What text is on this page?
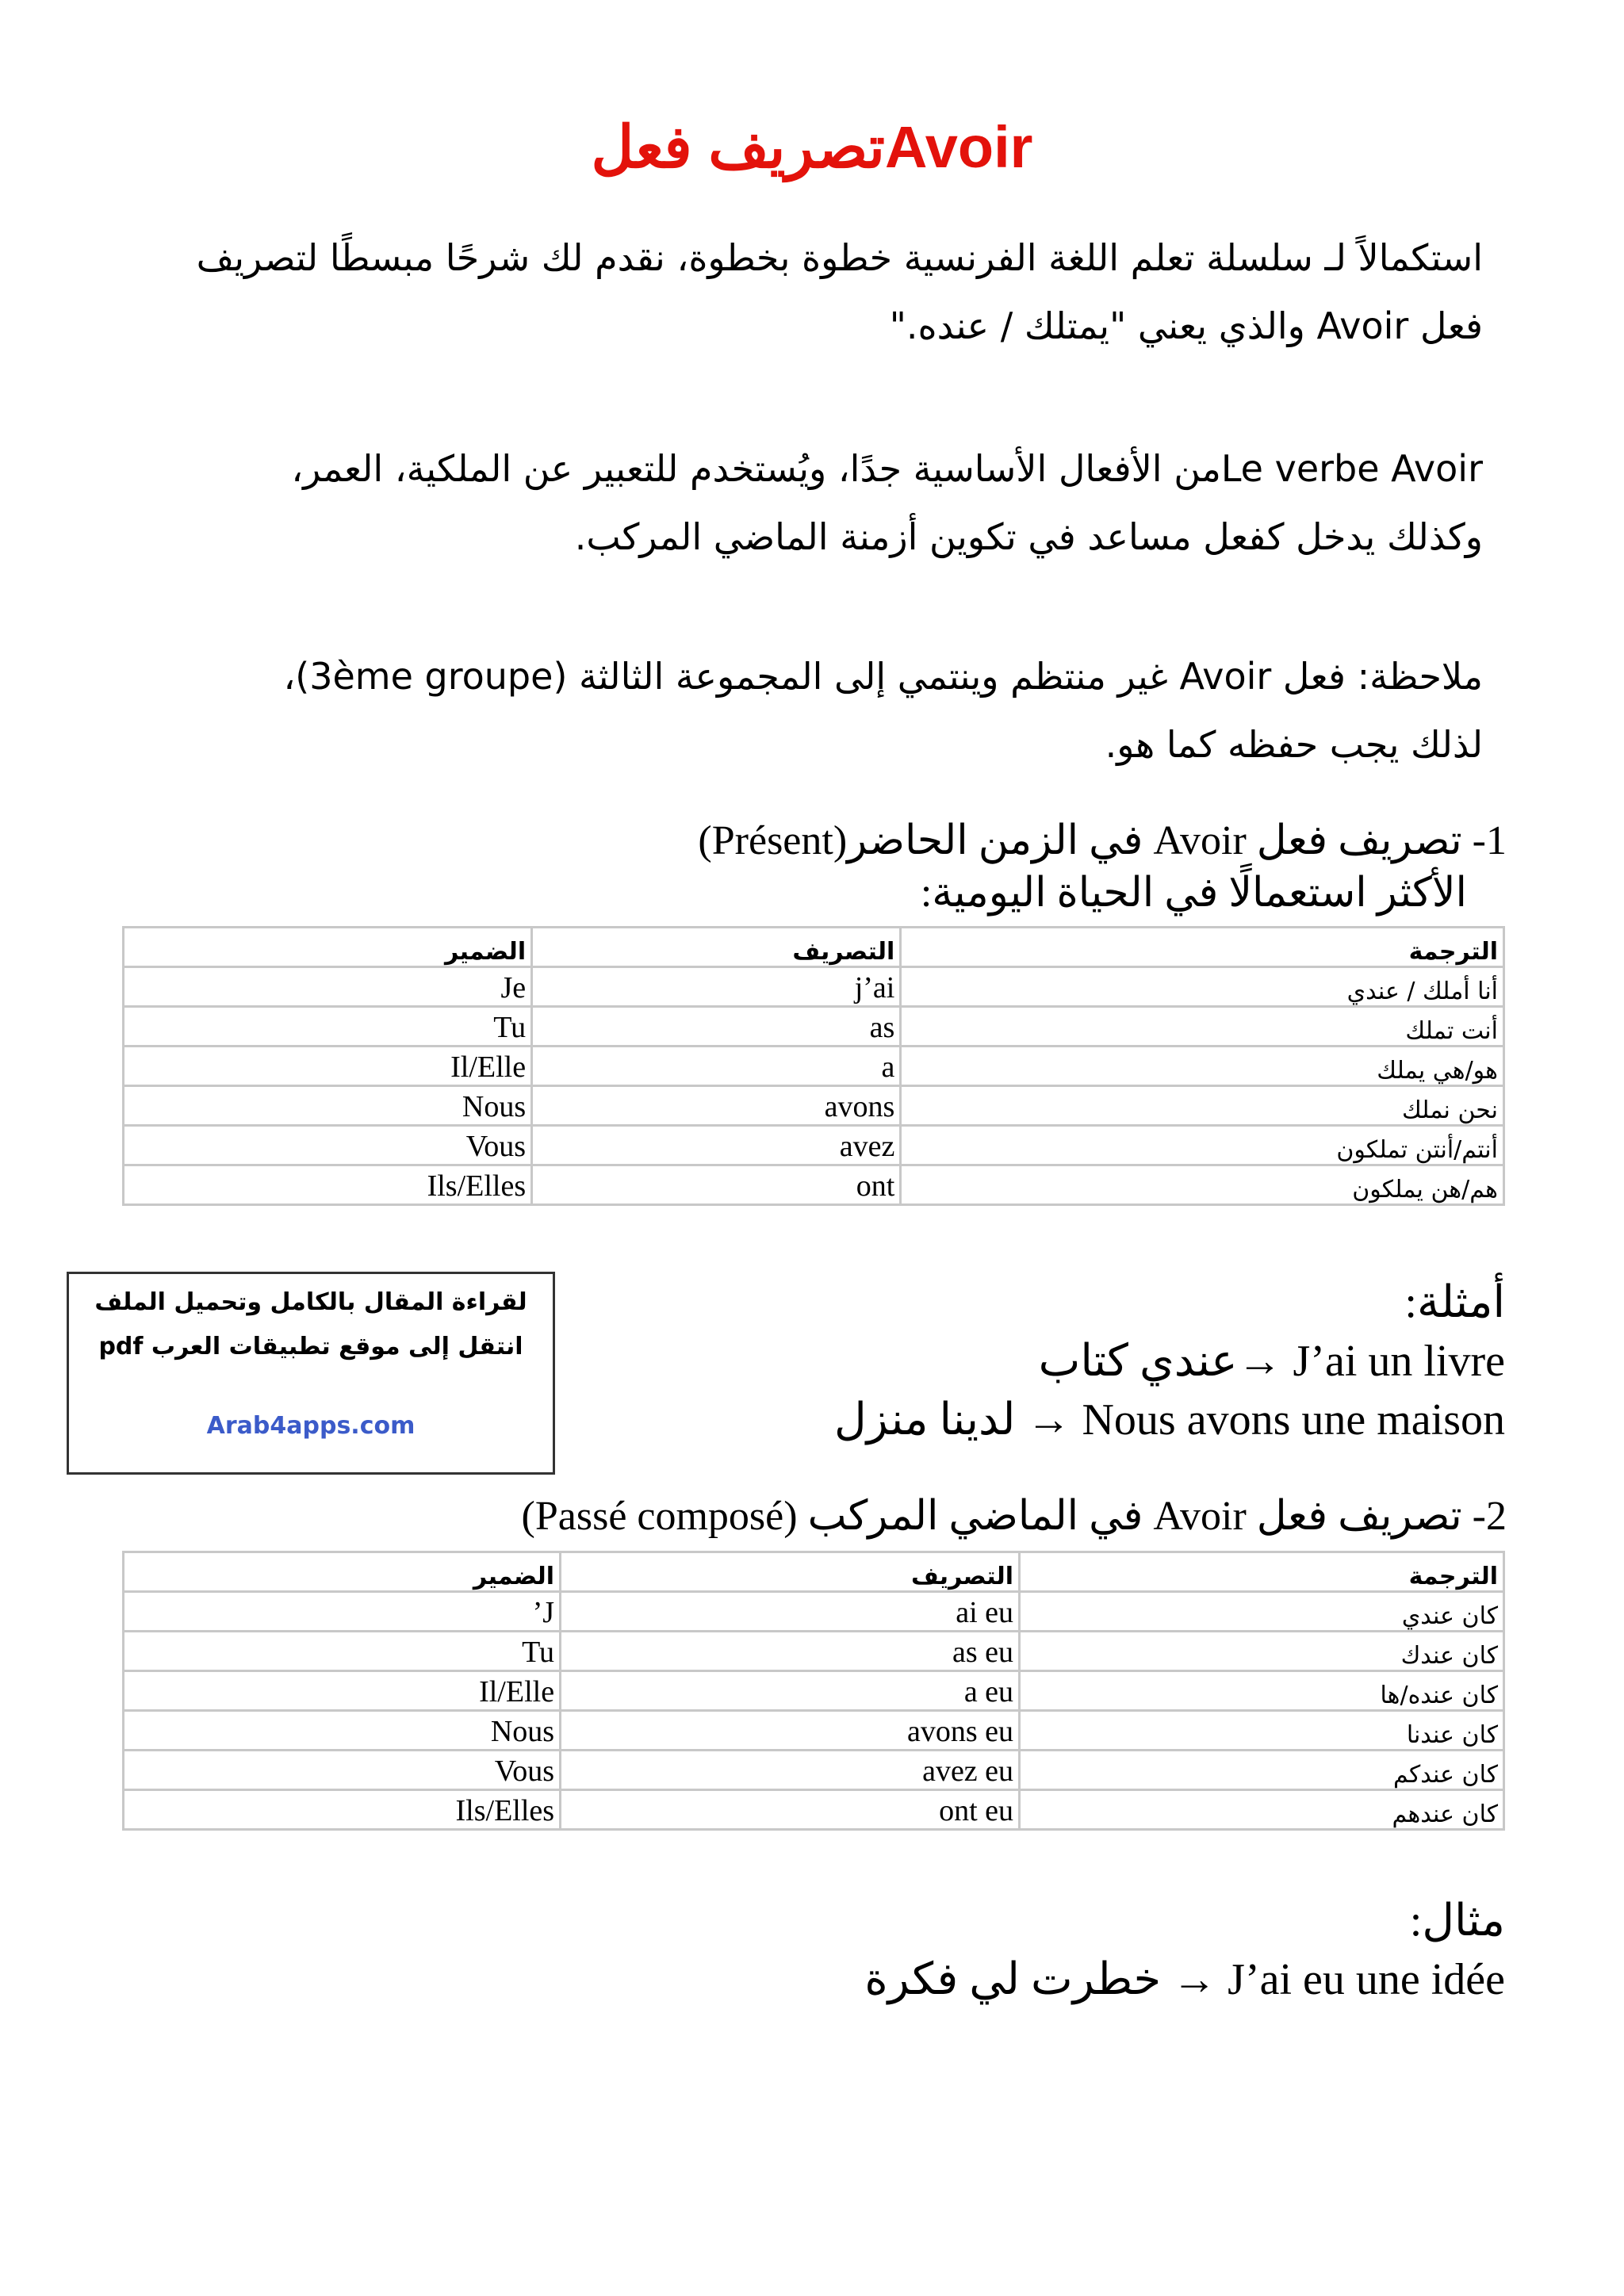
تصريف فعلAvoir
استكمالاً لـ سلسلة تعلم اللغة الفرنسية خطوة بخطوة، نقدم لك شرحًا مبسطًا لتصريف
فعل Avoir والذي يعني "يمتلك / عنده."
Le verbe Avoirمن الأفعال الأساسية جدًا، ويُستخدم للتعبير عن الملكية، العمر،
وكذلك يدخل كفعل مساعد في تكوين أزمنة الماضي المركب.
ملاحظة: فعل Avoir غير منتظم وينتمي إلى المجموعة الثالثة (3ème groupe)،
لذلك يجب حفظه كما هو.
1- تصريف فعل Avoir في الزمن الحاضر(Présent)
الأكثر استعمالًا في الحياة اليومية:
الترجمة	التصريف	الضمير
أنا أملك / عندي	j’ai	Je
أنت تملك	as	Tu
هو/هي يملك	a	Il/Elle
نحن نملك	avons	Nous
أنتم/أنتن تملكون	avez	Vous
هم/هن يملكون	ont	Ils/Elles
لقراءة المقال بالكامل وتحميل الملف
انتقل إلى موقع تطبيقات العرب pdf
Arab4apps.com
أمثلة:
J’ai un livre →عندي كتاب
Nous avons une maison → لدينا منزل
2- تصريف فعل Avoir في الماضي المركب (Passé composé)
الترجمة	التصريف	الضمير
كان عندي	ai eu	J’
كان عندك	as eu	Tu
كان عنده/ها	a eu	Il/Elle
كان عندنا	avons eu	Nous
كان عندكم	avez eu	Vous
كان عندهم	ont eu	Ils/Elles
مثال:
J’ai eu une idée → خطرت لي فكرة
